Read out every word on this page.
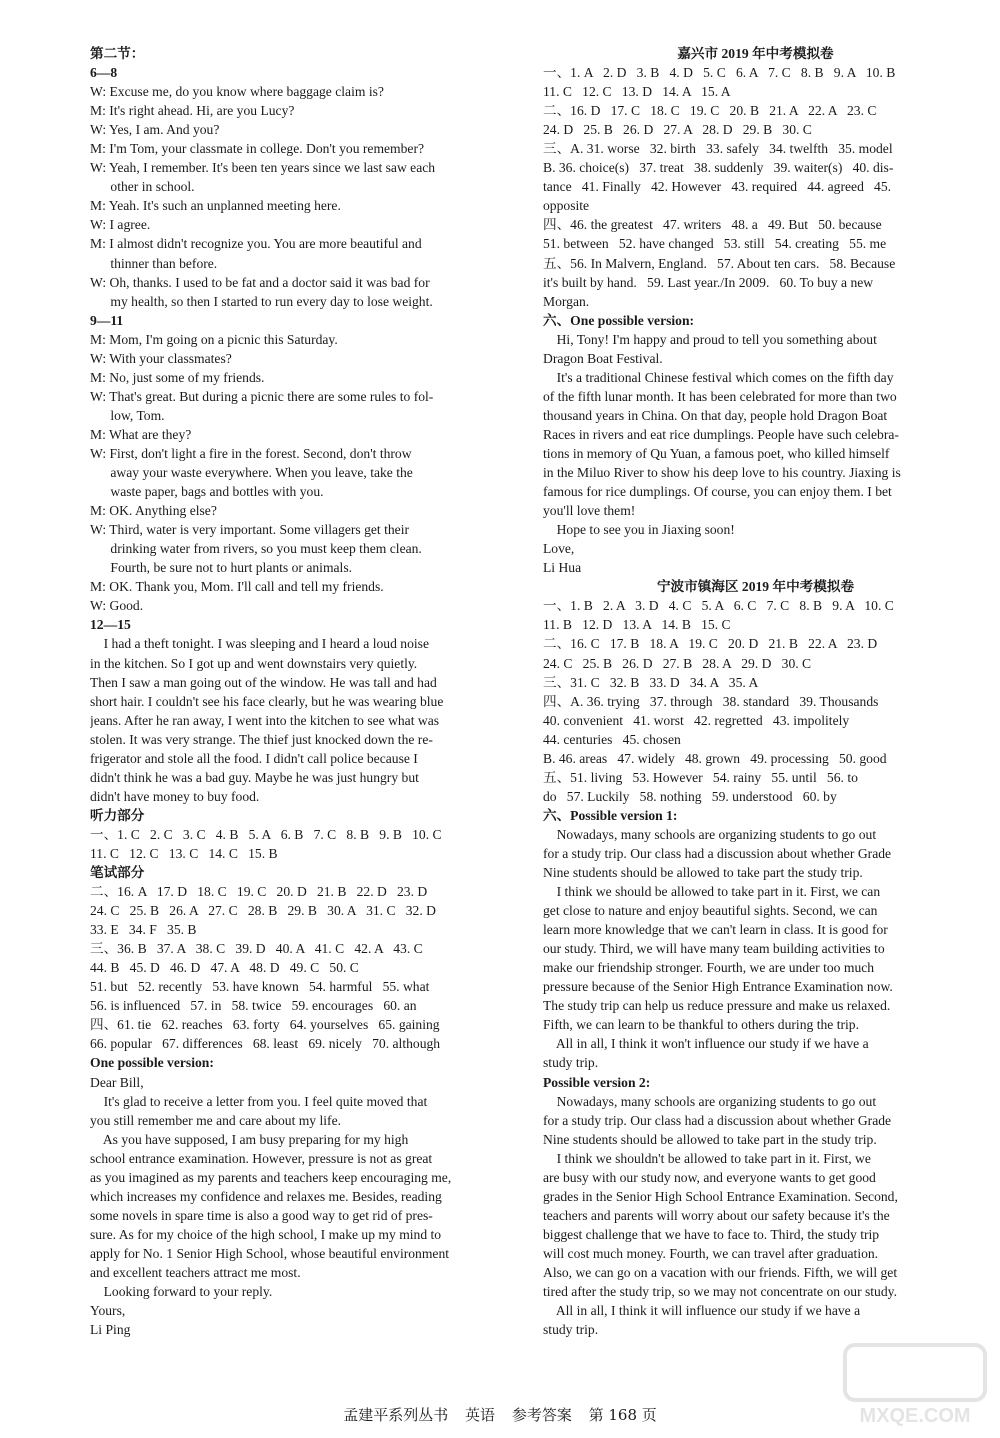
第二节：
6—8
W: Excuse me, do you know where baggage claim is?
M: It's right ahead. Hi, are you Lucy?
W: Yes, I am. And you?
M: I'm Tom, your classmate in college. Don't you remember?
W: Yeah, I remember. It's been ten years since we last saw each
other in school.
M: Yeah. It's such an unplanned meeting here.
W: I agree.
M: I almost didn't recognize you. You are more beautiful and
thinner than before.
W: Oh, thanks. I used to be fat and a doctor said it was bad for
my health, so then I started to run every day to lose weight.
9—11
M: Mom, I'm going on a picnic this Saturday.
W: With your classmates?
M: No, just some of my friends.
W: That's great. But during a picnic there are some rules to fol-
low, Tom.
M: What are they?
W: First, don't light a fire in the forest. Second, don't throw
away your waste everywhere. When you leave, take the
waste paper, bags and bottles with you.
M: OK. Anything else?
W: Third, water is very important. Some villagers get their
drinking water from rivers, so you must keep them clean.
Fourth, be sure not to hurt plants or animals.
M: OK. Thank you, Mom. I'll call and tell my friends.
W: Good.
12—15
I had a theft tonight. I was sleeping and I heard a loud noise
in the kitchen. So I got up and went downstairs very quietly.
Then I saw a man going out of the window. He was tall and had
short hair. I couldn't see his face clearly, but he was wearing blue
jeans. After he ran away, I went into the kitchen to see what was
stolen. It was very strange. The thief just knocked down the re-
frigerator and stole all the food. I didn't call police because I
didn't think he was a bad guy. Maybe he was just hungry but
didn't have money to buy food.
听力部分
一、1. C   2. C   3. C   4. B   5. A   6. B   7. C   8. B   9. B   10. C
11. C   12. C   13. C   14. C   15. B
笔试部分
二、16. A   17. D   18. C   19. C   20. D   21. B   22. D   23. D
24. C   25. B   26. A   27. C   28. B   29. B   30. A   31. C   32. D
33. E   34. F   35. B
三、36. B   37. A   38. C   39. D   40. A   41. C   42. A   43. C
44. B   45. D   46. D   47. A   48. D   49. C   50. C
51. but   52. recently   53. have known   54. harmful   55. what
56. is influenced   57. in   58. twice   59. encourages   60. an
四、61. tie   62. reaches   63. forty   64. yourselves   65. gaining
66. popular   67. differences   68. least   69. nicely   70. although
One possible version:
Dear Bill,
It's glad to receive a letter from you. I feel quite moved that
you still remember me and care about my life.
As you have supposed, I am busy preparing for my high
school entrance examination. However, pressure is not as great
as you imagined as my parents and teachers keep encouraging me,
which increases my confidence and relaxes me. Besides, reading
some novels in spare time is also a good way to get rid of pres-
sure. As for my choice of the high school, I make up my mind to
apply for No. 1 Senior High School, whose beautiful environment
and excellent teachers attract me most.
Looking forward to your reply.
Yours,
Li Ping
嘉兴市 2019 年中考模拟卷
一、1. A   2. D   3. B   4. D   5. C   6. A   7. C   8. B   9. A   10. B
11. C   12. C   13. D   14. A   15. A
二、16. D   17. C   18. C   19. C   20. B   21. A   22. A   23. C
24. D   25. B   26. D   27. A   28. D   29. B   30. C
三、A. 31. worse   32. birth   33. safely   34. twelfth   35. model
B. 36. choice(s)   37. treat   38. suddenly   39. waiter(s)   40. dis-
tance   41. Finally   42. However   43. required   44. agreed   45.
opposite
四、46. the greatest   47. writers   48. a   49. But   50. because
51. between   52. have changed   53. still   54. creating   55. me
五、56. In Malvern, England.   57. About ten cars.   58. Because
it's built by hand.   59. Last year./In 2009.   60. To buy a new
Morgan.
六、One possible version:
Hi, Tony! I'm happy and proud to tell you something about
Dragon Boat Festival.
It's a traditional Chinese festival which comes on the fifth day
of the fifth lunar month. It has been celebrated for more than two
thousand years in China. On that day, people hold Dragon Boat
Races in rivers and eat rice dumplings. People have such celebra-
tions in memory of Qu Yuan, a famous poet, who killed himself
in the Miluo River to show his deep love to his country. Jiaxing is
famous for rice dumplings. Of course, you can enjoy them. I bet
you'll love them!
Hope to see you in Jiaxing soon!
Love,
Li Hua
宁波市镇海区 2019 年中考模拟卷
一、1. B   2. A   3. D   4. C   5. A   6. C   7. C   8. B   9. A   10. C
11. B   12. D   13. A   14. B   15. C
二、16. C   17. B   18. A   19. C   20. D   21. B   22. A   23. D
24. C   25. B   26. D   27. B   28. A   29. D   30. C
三、31. C   32. B   33. D   34. A   35. A
四、A. 36. trying   37. through   38. standard   39. Thousands
40. convenient   41. worst   42. regretted   43. impolitely
44. centuries   45. chosen
B. 46. areas   47. widely   48. grown   49. processing   50. good
五、51. living   53. However   54. rainy   55. until   56. to
do   57. Luckily   58. nothing   59. understood   60. by
六、Possible version 1:
Nowadays, many schools are organizing students to go out
for a study trip. Our class had a discussion about whether Grade
Nine students should be allowed to take part the study trip.
I think we should be allowed to take part in it. First, we can
get close to nature and enjoy beautiful sights. Second, we can
learn more knowledge that we can't learn in class. It is good for
our study. Third, we will have many team building activities to
make our friendship stronger. Fourth, we are under too much
pressure because of the Senior High Entrance Examination now.
The study trip can help us reduce pressure and make us relaxed.
Fifth, we can learn to be thankful to others during the trip.
All in all, I think it won't influence our study if we have a
study trip.
Possible version 2:
Nowadays, many schools are organizing students to go out
for a study trip. Our class had a discussion about whether Grade
Nine students should be allowed to take part in the study trip.
I think we shouldn't be allowed to take part in it. First, we
are busy with our study now, and everyone wants to get good
grades in the Senior High School Entrance Examination. Second,
teachers and parents will worry about our safety because it's the
biggest challenge that we have to face to. Third, the study trip
will cost much money. Fourth, we can travel after graduation.
Also, we can go on a vacation with our friends. Fifth, we will get
tired after the study trip, so we may not concentrate on our study.
All in all, I think it will influence our study if we have a
study trip.
孟建平系列丛书 英语 参考答案 第 168 页	MXQE.COM
